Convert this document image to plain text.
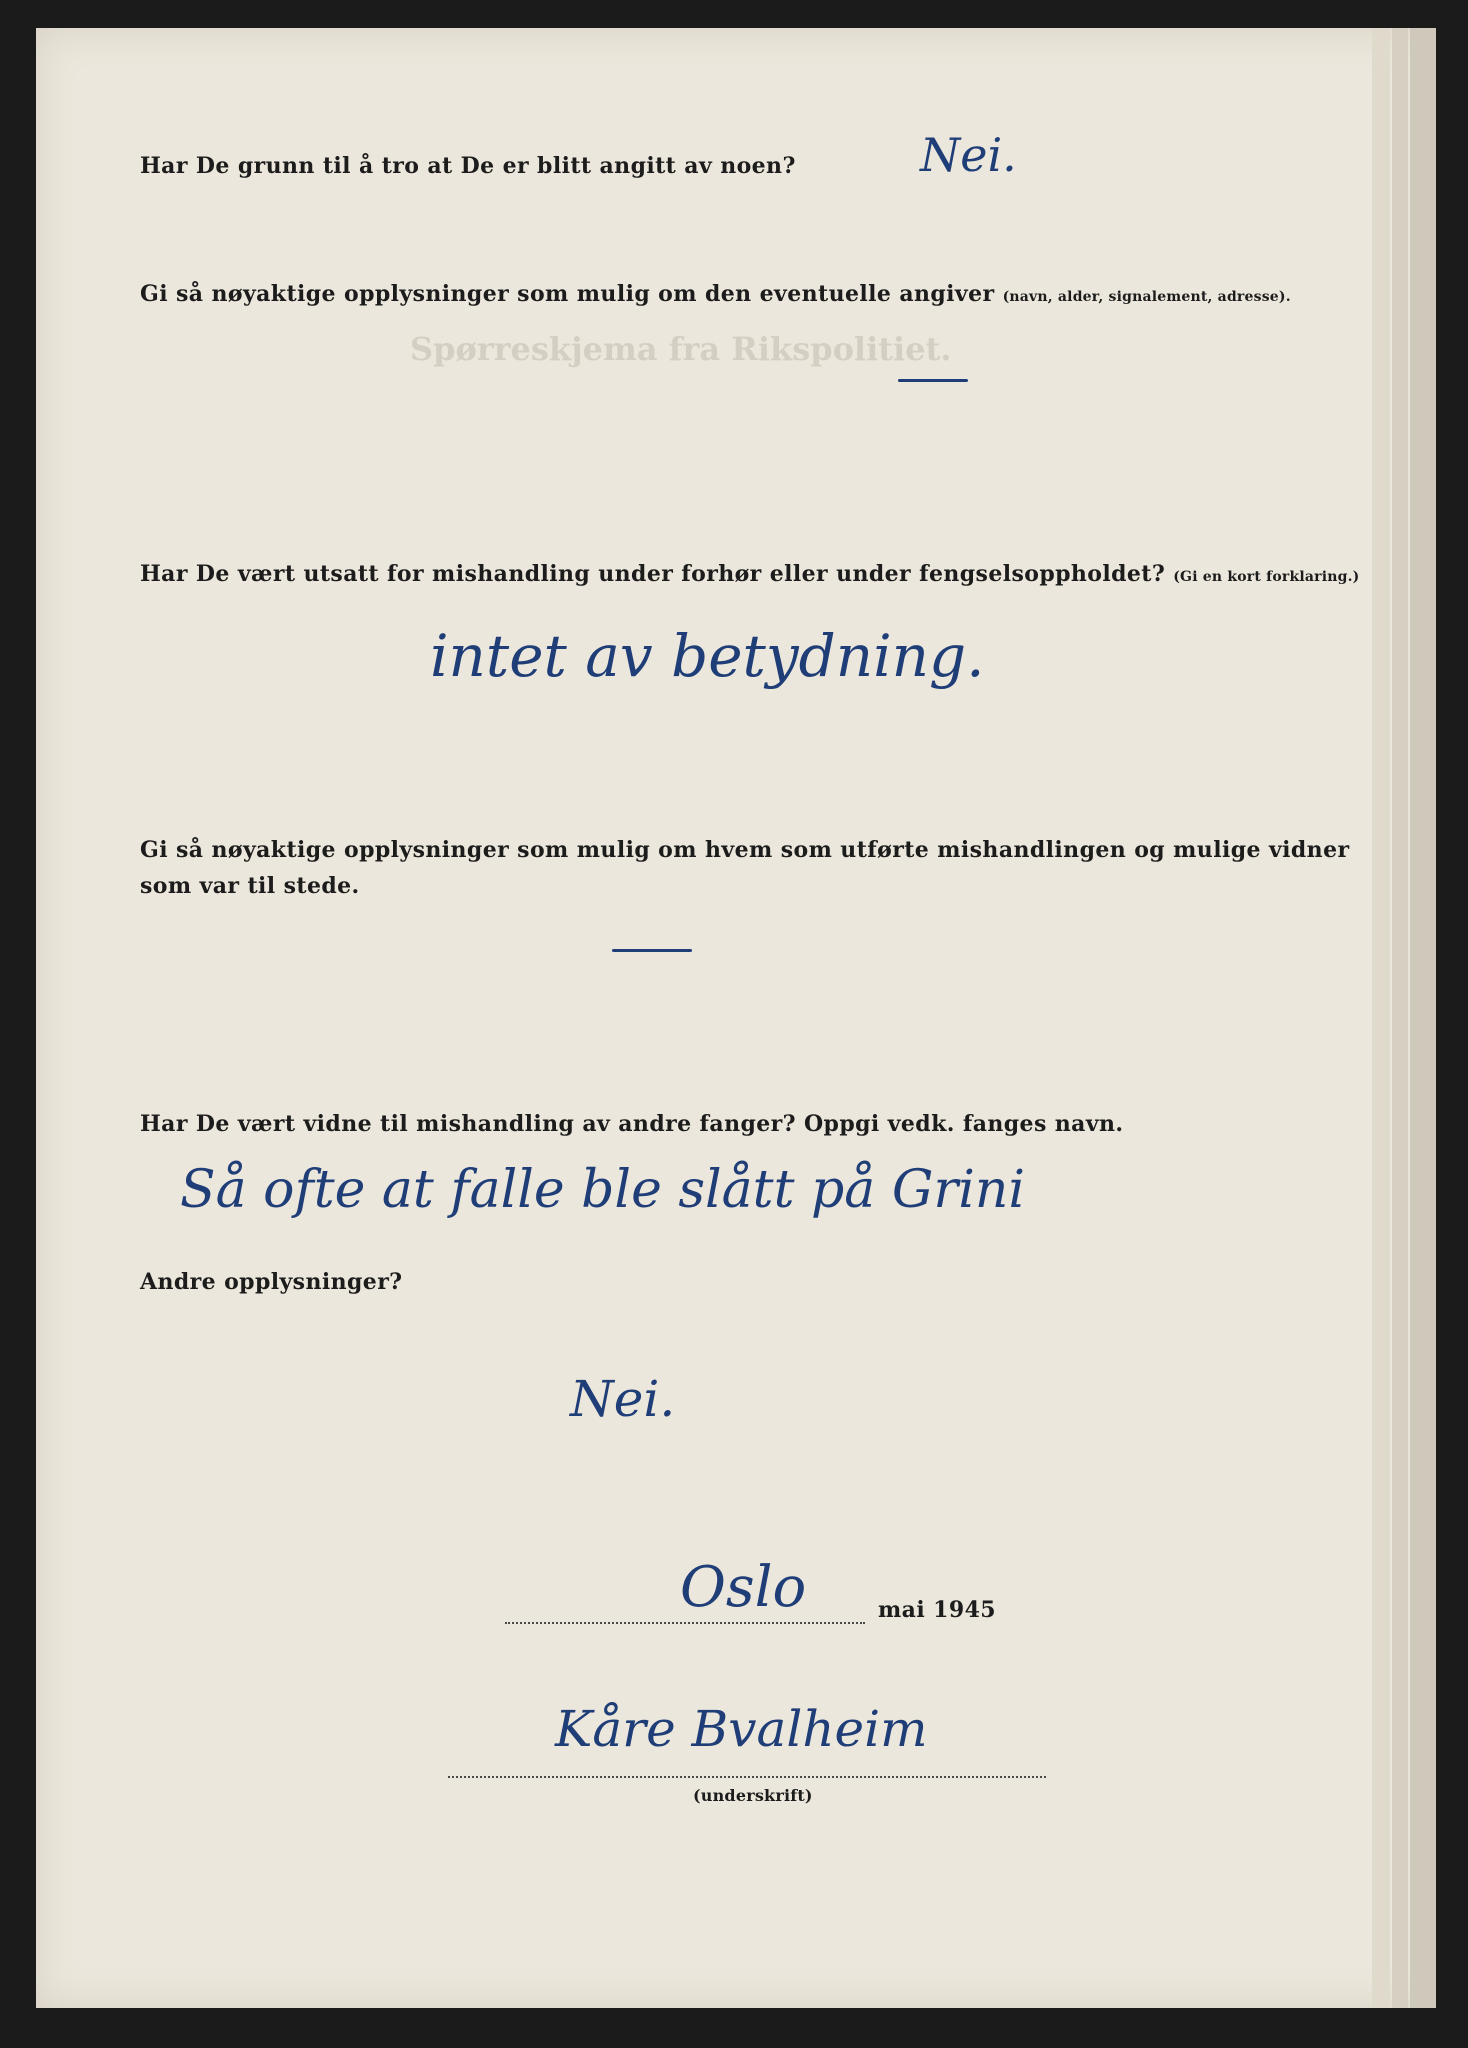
Spørreskjema fra Rikspolitiet.

Har De grunn til å tro at De er blitt angitt av noen?	Nei.

Gi så nøyaktige opplysninger som mulig om den eventuelle angiver (navn, alder, signalement, adresse).

Har De vært utsatt for mishandling under forhør eller under fengselsoppholdet? (Gi en kort forklaring.)

intet av betydning.

Gi så nøyaktige opplysninger som mulig om hvem som utførte mishandlingen og mulige vidner

som var til stede.

Har De vært vidne til mishandling av andre fanger? Oppgi vedk. fanges navn.

Så ofte at falle ble slått på Grini

Andre opplysninger?

Nei.
Oslo	mai 1945

Kåre Bvalheim

(underskrift)
